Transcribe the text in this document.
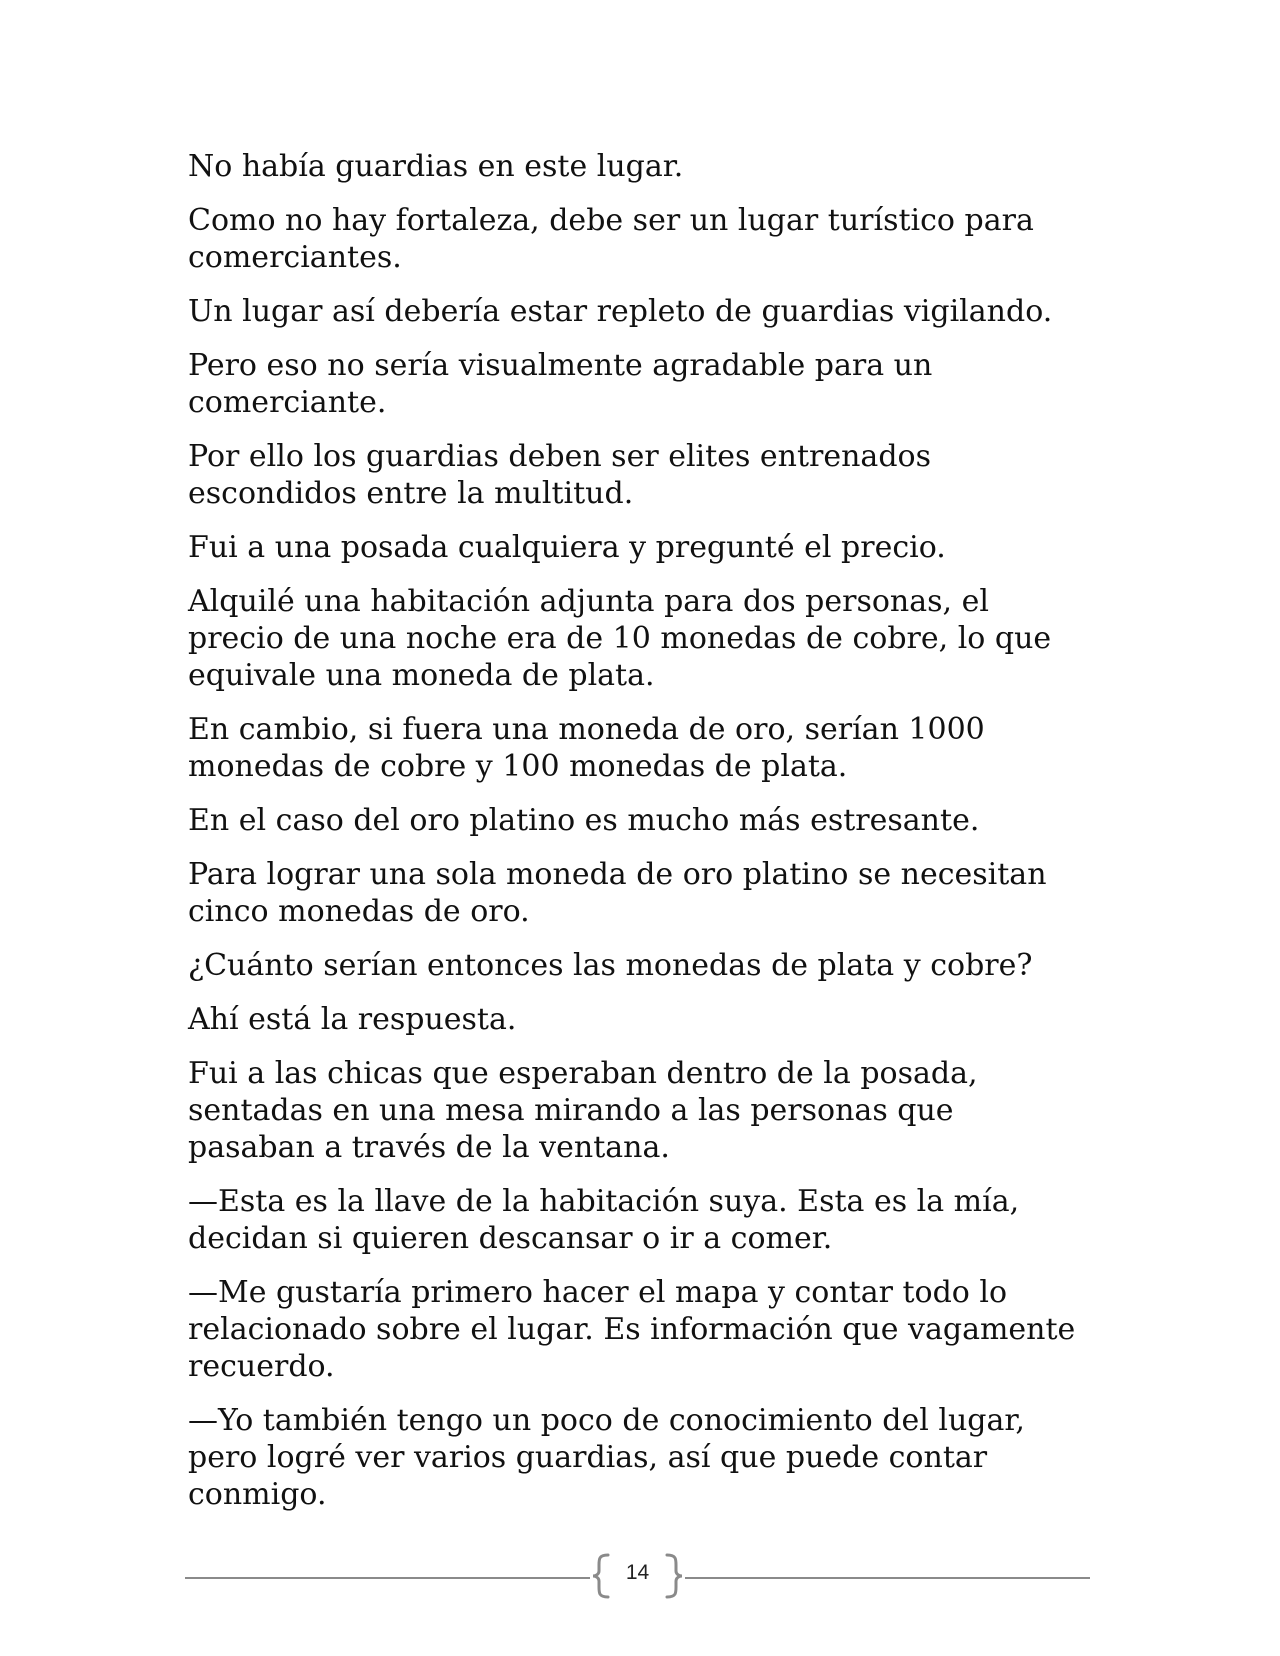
No había guardias en este lugar.

Como no hay fortaleza, debe ser un lugar turístico para comerciantes.

Un lugar así debería estar repleto de guardias vigilando.

Pero eso no sería visualmente agradable para un comerciante.

Por ello los guardias deben ser elites entrenados escondidos entre la multitud.

Fui a una posada cualquiera y pregunté el precio.

Alquilé una habitación adjunta para dos personas, el precio de una noche era de 10 monedas de cobre, lo que equivale una moneda de plata.

En cambio, si fuera una moneda de oro, serían 1000 monedas de cobre y 100 monedas de plata.

En el caso del oro platino es mucho más estresante.

Para lograr una sola moneda de oro platino se necesitan cinco monedas de oro.

¿Cuánto serían entonces las monedas de plata y cobre?

Ahí está la respuesta.

Fui a las chicas que esperaban dentro de la posada, sentadas en una mesa mirando a las personas que pasaban a través de la ventana.

—Esta es la llave de la habitación suya. Esta es la mía, decidan si quieren descansar o ir a comer.

—Me gustaría primero hacer el mapa y contar todo lo relacionado sobre el lugar. Es información que vagamente recuerdo.

—Yo también tengo un poco de conocimiento del lugar, pero logré ver varios guardias, así que puede contar conmigo.

14
